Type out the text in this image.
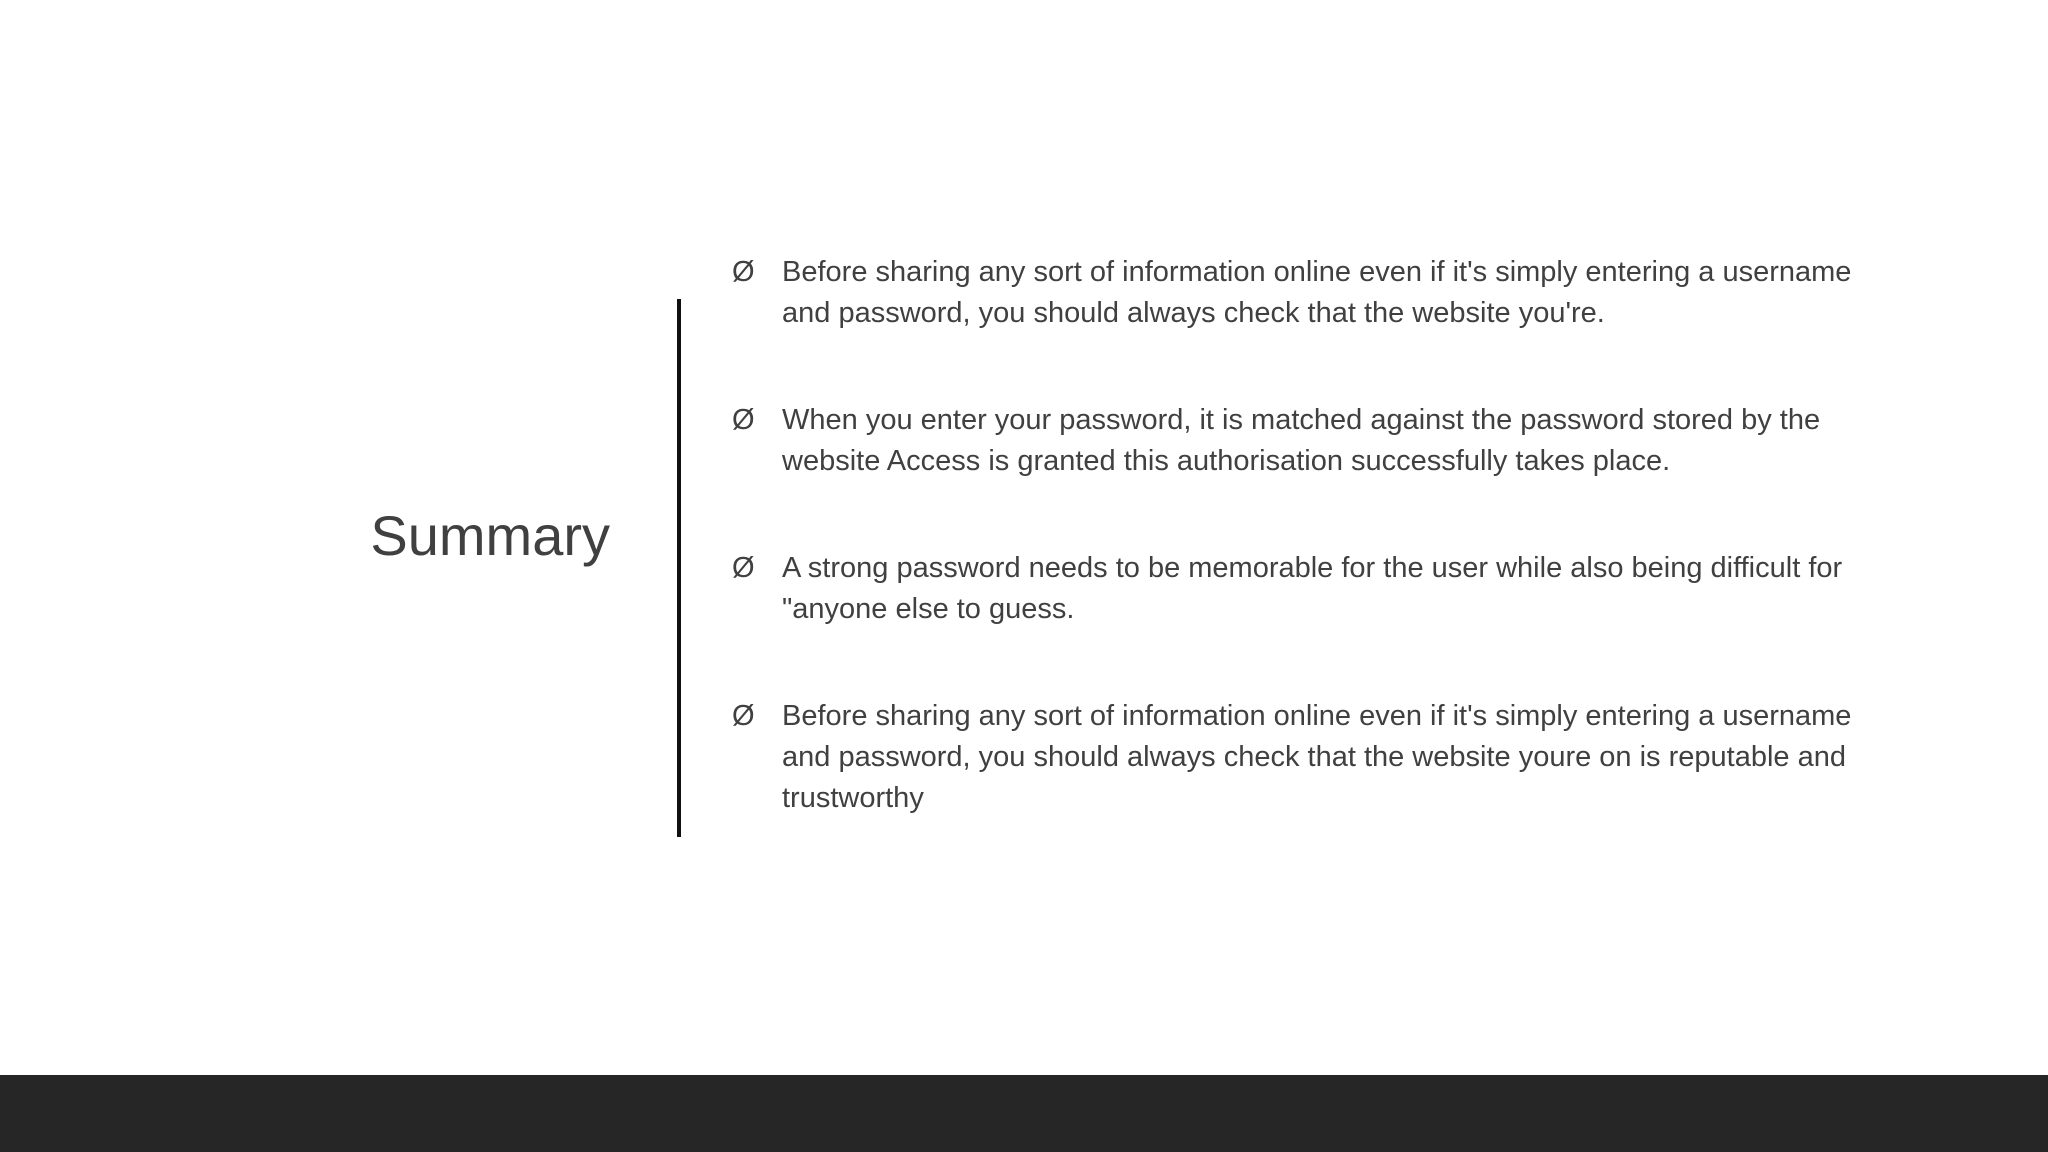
Summary
Ø Before sharing any sort of information online even if it's simply entering a username and password, you should always check that the website you're.
Ø When you enter your password, it is matched against the password stored by the website Access is granted this authorisation successfully takes place.
Ø A strong password needs to be memorable for the user while also being difficult for "anyone else to guess.
Ø Before sharing any sort of information online even if it's simply entering a username and password, you should always check that the website youre on is reputable and trustworthy
